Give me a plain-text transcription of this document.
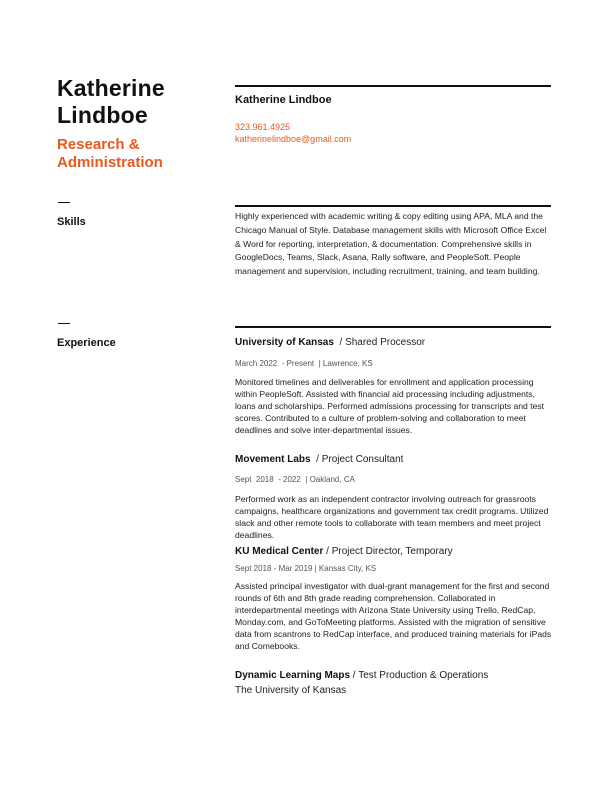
Katherine
Lindboe
Research &
Administration
Katherine Lindboe
323.961.4925
katherinelindboe@gmail.com
Skills	Highly experienced with academic writing & copy editing using APA, MLA and the Chicago Manual of Style. Database management skills with Microsoft Office Excel & Word for reporting, interpretation, & documentation. Comprehensive skills in GoogleDocs, Teams, Slack, Asana, Rally software, and PeopleSoft. People management and supervision, including recruitment, training, and team building.
Experience	University of Kansas  / Shared Processor
March 2022  - Present  | Lawrence, KS
Monitored timelines and deliverables for enrollment and application processing within PeopleSoft. Assisted with financial aid processing including adjustments, loans and scholarships. Performed admissions processing for transcripts and test scores. Contributed to a culture of problem-solving and collaboration to meet deadlines and solve inter-departmental issues.
Movement Labs  / Project Consultant
Sept  2018  - 2022  | Oakland, CA
Performed work as an independent contractor involving outreach for grassroots campaigns, healthcare organizations and government tax credit programs. Utilized slack and other remote tools to collaborate with team members and meet project deadlines.
KU Medical Center / Project Director, Temporary
Sept 2018 - Mar 2019 | Kansas City, KS
Assisted principal investigator with dual-grant management for the first and second rounds of 6th and 8th grade reading comprehension. Collaborated in interdepartmental meetings with Arizona State University using Trello, RedCap, Monday.com, and GoToMeeting platforms. Assisted with the migration of sensitive data from scantrons to RedCap interface, and produced training materials for iPads and Comebooks.
Dynamic Learning Maps / Test Production & Operations
The University of Kansas
